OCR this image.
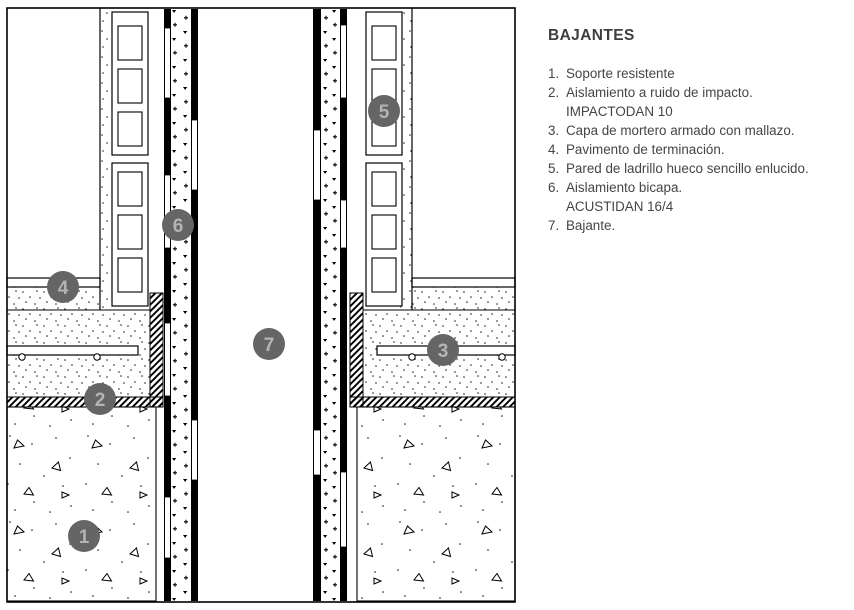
1
2
3
4
5
6
7
BAJANTES
1. Soporte resistente
2. Aislamiento a ruido de impacto.
IMPACTODAN 10
3. Capa de mortero armado con mallazo.
4. Pavimento de terminación.
5. Pared de ladrillo hueco sencillo enlucido.
6. Aislamiento bicapa.
ACUSTIDAN 16/4
7. Bajante.
